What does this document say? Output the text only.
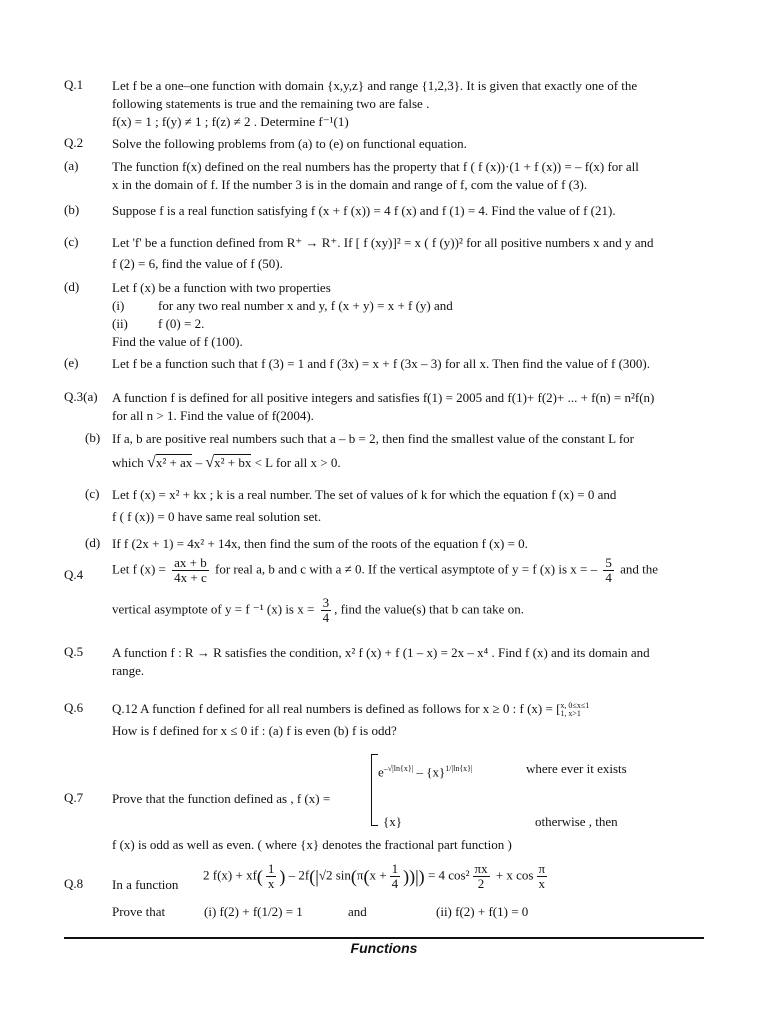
Q.1 Let f be a one–one function with domain {x,y,z} and range {1,2,3}. It is given that exactly one of the
following statements is true and the remaining two are false .
f(x) = 1 ; f(y) ≠ 1 ; f(z) ≠ 2 . Determine f⁻¹(1)
Q.2 Solve the following problems from (a) to (e) on functional equation.
(a)	The function f(x) defined on the real numbers has the property that f ( f (x))·(1 + f (x)) = – f(x) for all
x in the domain of f. If the number 3 is in the domain and range of f, com the value of f (3).
(b)	Suppose f is a real function satisfying f (x + f (x)) = 4 f (x) and f (1) = 4. Find the value of f (21).
(c)	Let 'f' be a function defined from R⁺ → R⁺. If [ f (xy)]² = x ( f (y))² for all positive numbers x and y and
f (2) = 6, find the value of f (50).
(d)	Let f (x) be a function with two properties
(i)	for any two real number x and y, f (x + y) = x + f (y) and
(ii) f (0) = 2.
Find the value of f (100).
(e)	Let f be a function such that f (3) = 1 and f (3x) = x + f (3x – 3) for all x. Then find the value of f (300).
Q.3(a) A function f is defined for all positive integers and satisfies f(1) = 2005 and f(1)+ f(2)+ ... + f(n) = n²f(n)
for all n > 1. Find the value of f(2004).
(b) If a, b are positive real numbers such that a – b = 2, then find the smallest value of the constant L for
which √x² + ax – √x² + bx < L for all x > 0.
(c) Let f (x) = x² + kx ; k is a real number. The set of values of k for which the equation f (x) = 0 and
f ( f (x)) = 0 have same real solution set.
(d) If f (2x + 1) = 4x² + 14x, then find the sum of the roots of the equation f (x) = 0.
Q.4 Let f $(x) = \frac{ax + b}{4x + c}$ for real a, b and c with a ≠ 0. If the vertical asymptote of y = f (x) is x = – $\frac{5}{4}$ and the
vertical asymptote of y = f ⁻¹ (x) is $x = \frac{3}{4}$ , find the value(s) that b can take on.
Q.5 A function f : R → R satisfies the condition, x² f (x) + f (1 – x) = 2x – x⁴ . Find f (x) and its domain and
range.
Q.6 Q.12 A function f defined for all real numbers is defined as follows for x ≥ 0 : f (x) = [ x, 0≤x≤1
1, x>1
How is f defined for x ≤ 0 if : (a) f is even (b) f is odd?
Q.7 Prove that the function defined as , f (x) =
$e^{-√|ln\{x\}|} - \{x\}^{1/|ln\{x\}|}$	where ever it exists
{x}	otherwise , then
f (x) is odd as well as even. ( where {x} denotes the fractional part function )
Q.8 In a function
2 $f(x) + xf( \frac{1}{x}$ ) – 2f(|√2 $\sin(\pi(x + \frac{1}{4}$ ))|) = 4 $\cos^2 \frac{\pi x}{2} + x$ $\cos \frac{\pi}{x}$
Prove that	(i) f(2) + f(1/2) = 1	and	(ii) f(2) + f(1) = 0
Functions
